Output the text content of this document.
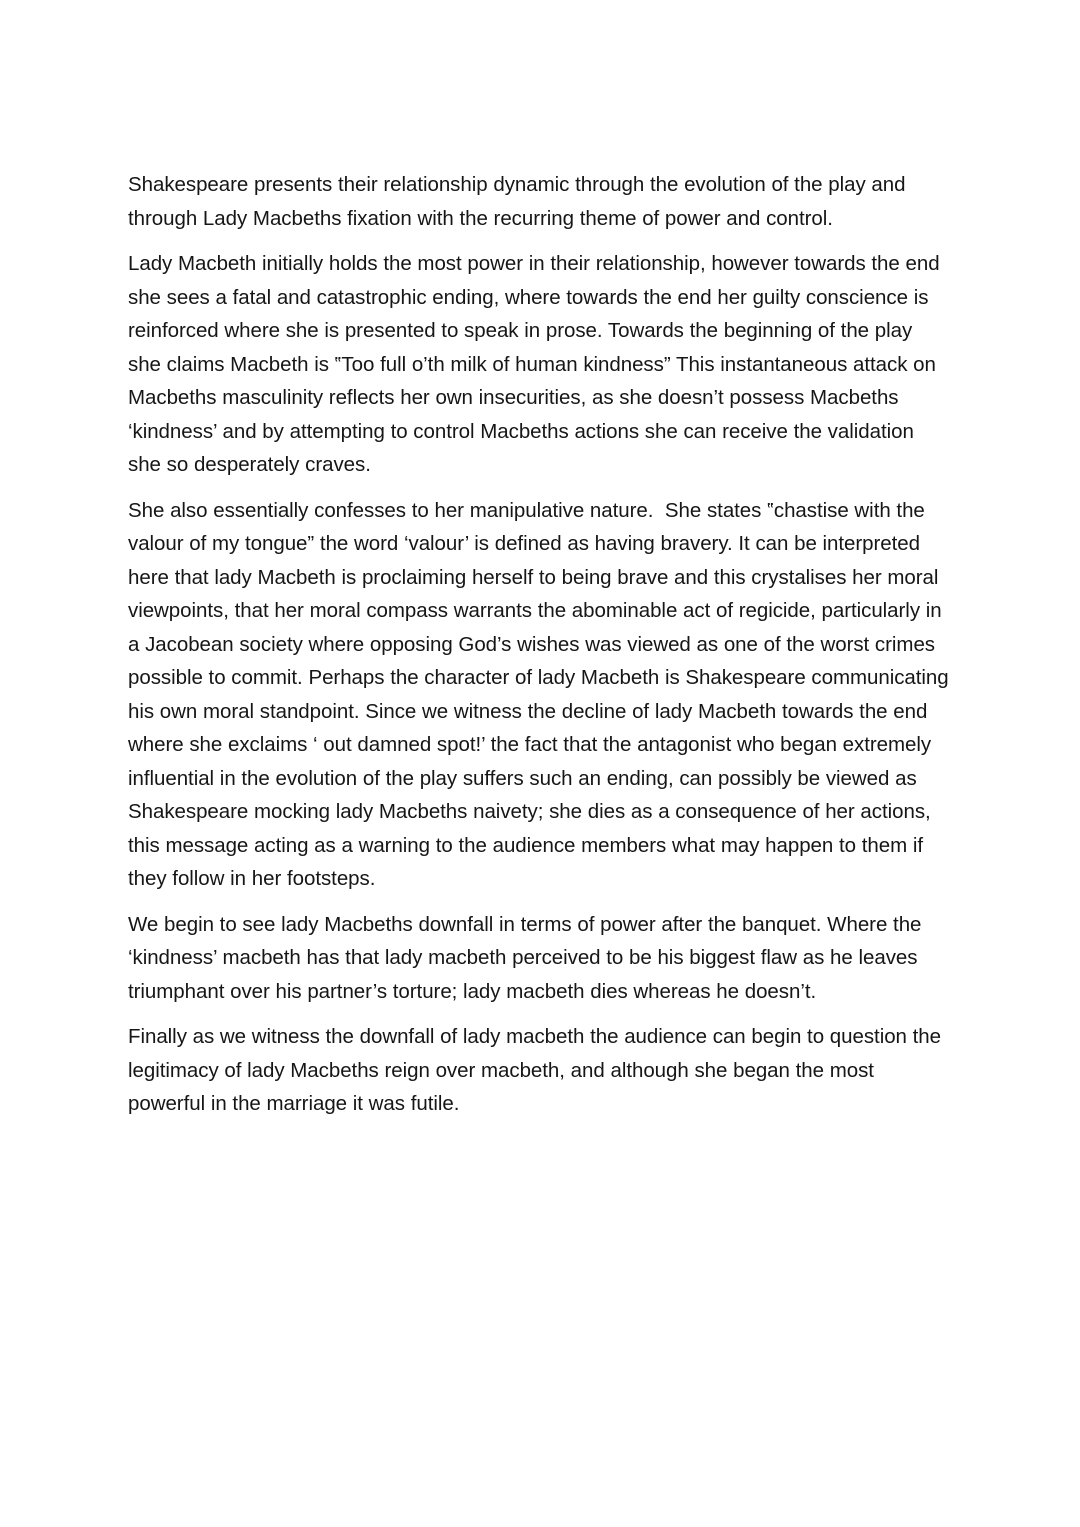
Shakespeare presents their relationship dynamic through the evolution of the play and through Lady Macbeths fixation with the recurring theme of power and control.

Lady Macbeth initially holds the most power in their relationship, however towards the end she sees a fatal and catastrophic ending, where towards the end her guilty conscience is reinforced where she is presented to speak in prose. Towards the beginning of the play she claims Macbeth is ‟Too full o’th milk of human kindness” This instantaneous attack on Macbeths masculinity reflects her own insecurities, as she doesn’t possess Macbeths ‘kindness’ and by attempting to control Macbeths actions she can receive the validation she so desperately craves.

She also essentially confesses to her manipulative nature.  She states ‟chastise with the valour of my tongue” the word ‘valour’ is defined as having bravery. It can be interpreted here that lady Macbeth is proclaiming herself to being brave and this crystalises her moral viewpoints, that her moral compass warrants the abominable act of regicide, particularly in a Jacobean society where opposing God’s wishes was viewed as one of the worst crimes possible to commit. Perhaps the character of lady Macbeth is Shakespeare communicating his own moral standpoint. Since we witness the decline of lady Macbeth towards the end where she exclaims ‘ out damned spot!’ the fact that the antagonist who began extremely influential in the evolution of the play suffers such an ending, can possibly be viewed as Shakespeare mocking lady Macbeths naivety; she dies as a consequence of her actions, this message acting as a warning to the audience members what may happen to them if they follow in her footsteps.

We begin to see lady Macbeths downfall in terms of power after the banquet. Where the ‘kindness’ macbeth has that lady macbeth perceived to be his biggest flaw as he leaves triumphant over his partner’s torture; lady macbeth dies whereas he doesn’t.

Finally as we witness the downfall of lady macbeth the audience can begin to question the legitimacy of lady Macbeths reign over macbeth, and although she began the most powerful in the marriage it was futile.
